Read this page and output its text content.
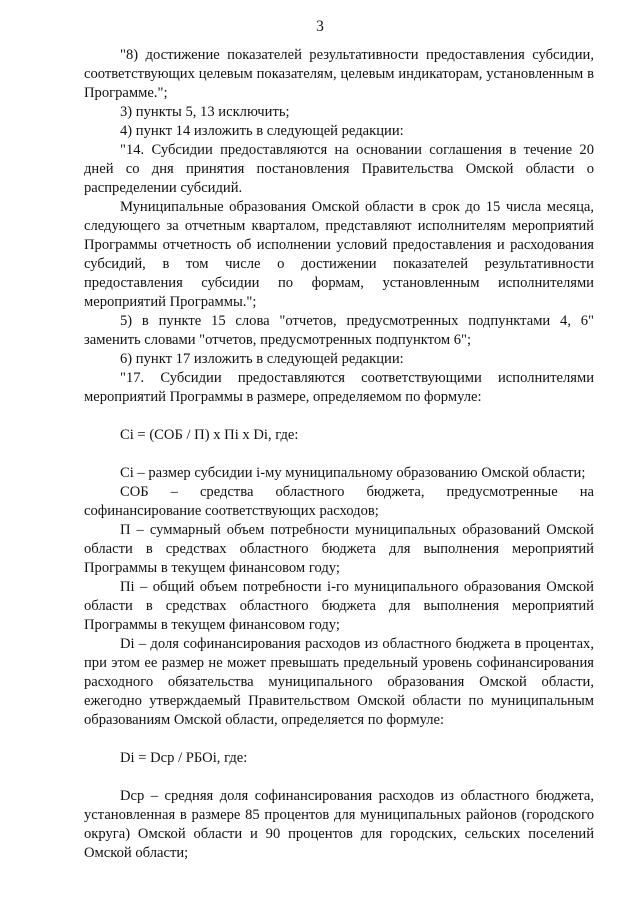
3

"8) достижение показателей результативности предоставления субсидии, соответствующих целевым показателям, целевым индикаторам, установленным в Программе.";

3) пункты 5, 13 исключить;

4) пункт 14 изложить в следующей редакции:

"14. Субсидии предоставляются на основании соглашения в течение 20 дней со дня принятия постановления Правительства Омской области о распределении субсидий.

Муниципальные образования Омской области в срок до 15 числа месяца, следующего за отчетным кварталом, представляют исполнителям мероприятий Программы отчетность об исполнении условий предоставления и расходования субсидий, в том числе о достижении показателей результативности предоставления субсидии по формам, установленным исполнителями мероприятий Программы.";

5) в пункте 15 слова "отчетов, предусмотренных подпунктами 4, 6" заменить словами "отчетов, предусмотренных подпунктом 6";

6) пункт 17 изложить в следующей редакции:

"17. Субсидии предоставляются соответствующими исполнителями мероприятий Программы в размере, определяемом по формуле:

Ci = (СОБ / П) х Пi х Di, где:

Ci – размер субсидии i-му муниципальному образованию Омской области;

СОБ – средства областного бюджета, предусмотренные на софинансирование соответствующих расходов;

П – суммарный объем потребности муниципальных образований Омской области в средствах областного бюджета для выполнения мероприятий Программы в текущем финансовом году;

Пi – общий объем потребности i-го муниципального образования Омской области в средствах областного бюджета для выполнения мероприятий Программы в текущем финансовом году;

Di – доля софинансирования расходов из областного бюджета в процентах, при этом ее размер не может превышать предельный уровень софинансирования расходного обязательства муниципального образования Омской области, ежегодно утверждаемый Правительством Омской области по муниципальным образованиям Омской области, определяется по формуле:

Di = Dср / РБОi, где:

Dср – средняя доля софинансирования расходов из областного бюджета, установленная в размере 85 процентов для муниципальных районов (городского округа) Омской области и 90 процентов для городских, сельских поселений Омской области;
